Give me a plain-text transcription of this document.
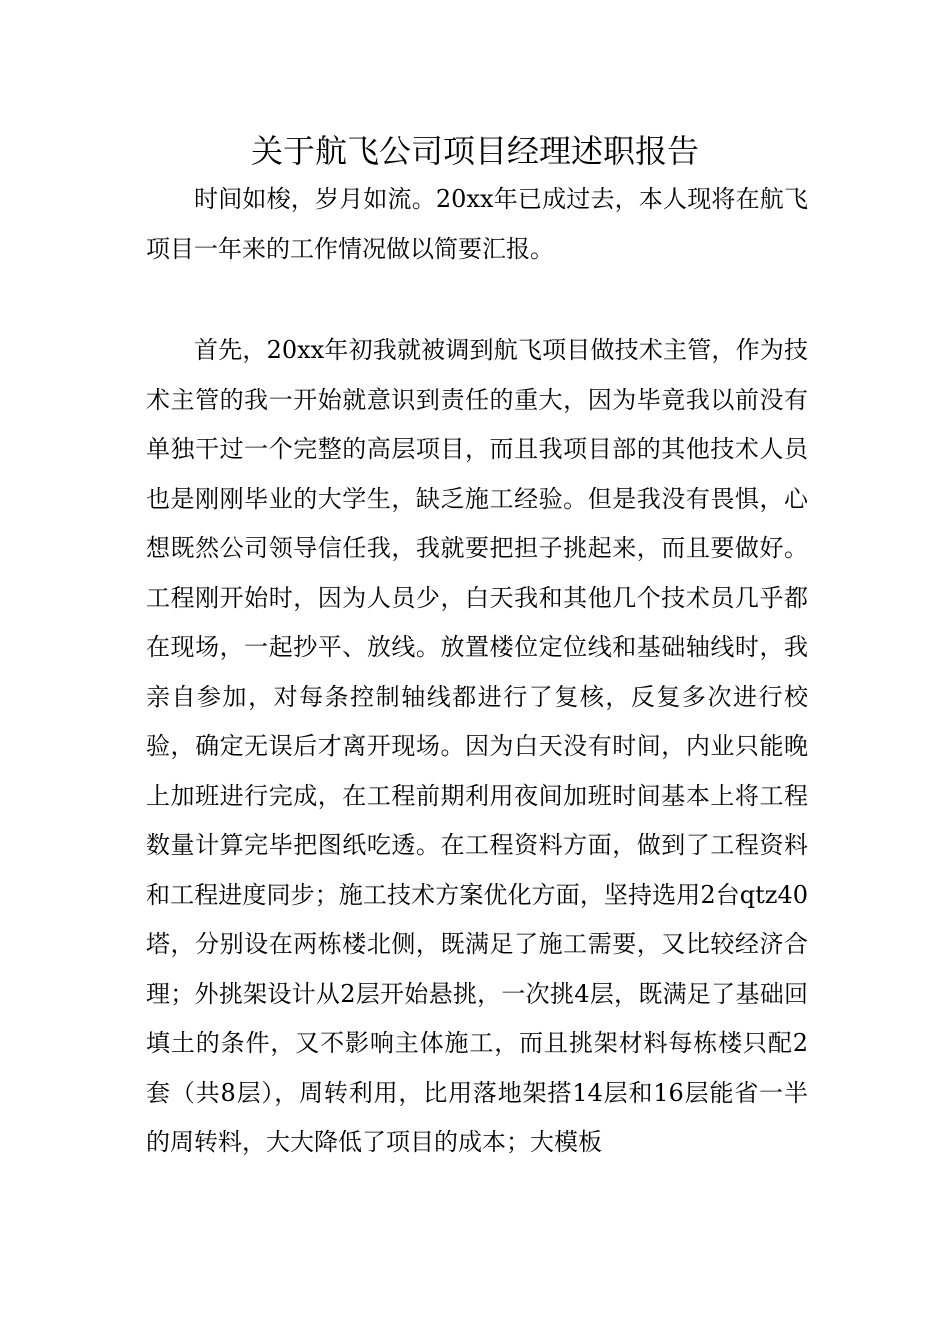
关于航飞公司项目经理述职报告

时间如梭，岁月如流。20xx年已成过去，本人现将在航飞项目一年来的工作情况做以简要汇报。

首先，20xx年初我就被调到航飞项目做技术主管，作为技术主管的我一开始就意识到责任的重大，因为毕竟我以前没有单独干过一个完整的高层项目，而且我项目部的其他技术人员也是刚刚毕业的大学生，缺乏施工经验。但是我没有畏惧，心想既然公司领导信任我，我就要把担子挑起来，而且要做好。工程刚开始时，因为人员少，白天我和其他几个技术员几乎都在现场，一起抄平、放线。放置楼位定位线和基础轴线时，我亲自参加，对每条控制轴线都进行了复核，反复多次进行校验，确定无误后才离开现场。因为白天没有时间，内业只能晚上加班进行完成，在工程前期利用夜间加班时间基本上将工程数量计算完毕把图纸吃透。在工程资料方面，做到了工程资料和工程进度同步；施工技术方案优化方面，坚持选用2台qtz40塔，分别设在两栋楼北侧，既满足了施工需要，又比较经济合理；外挑架设计从2层开始悬挑，一次挑4层，既满足了基础回填土的条件，又不影响主体施工，而且挑架材料每栋楼只配2套（共8层），周转利用，比用落地架搭14层和16层能省一半的周转料，大大降低了项目的成本；大模板
